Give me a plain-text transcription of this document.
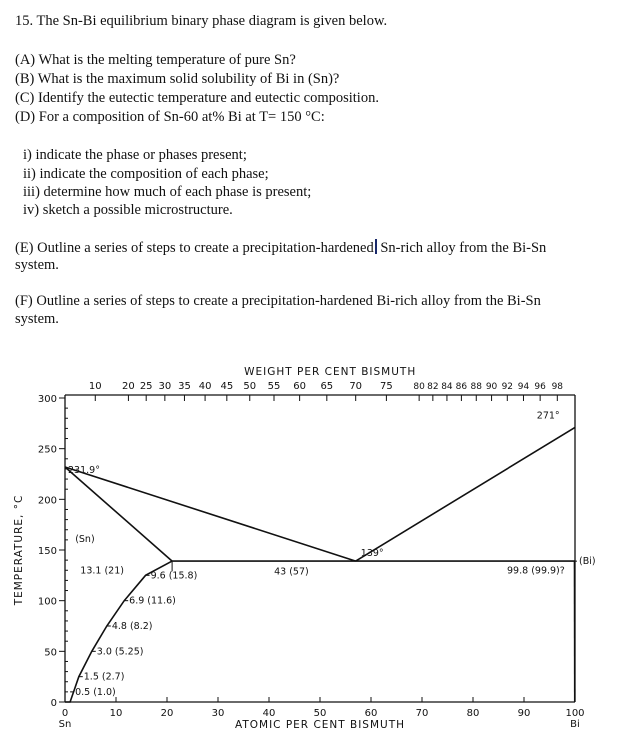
15. The Sn-Bi equilibrium binary phase diagram is given below.
(A) What is the melting temperature of pure Sn?
(B) What is the maximum solid solubility of Bi in (Sn)?
(C) Identify the eutectic temperature and eutectic composition.
(D) For a composition of Sn-60 at% Bi at T= 150 °C:
i) indicate the phase or phases present;
ii) indicate the composition of each phase;
iii) determine how much of each phase is present;
iv) sketch a possible microstructure.
(E) Outline a series of steps to create a precipitation-hardened Sn-rich alloy from the Bi-Sn
system.
(F) Outline a series of steps to create a precipitation-hardened Bi-rich alloy from the Bi-Sn
system.
300
250
200
150
100
50
0
0	10	20	30	40	50	60	70	80	90	100
Sn	Bi
ATOMIC PER CENT BISMUTH
10 20 25 30 35 40 45 50 55 60 65 70 75 80 82 84 86 88 90 92 94 96 98
WEIGHT PER CENT BISMUTH
TEMPERATURE, °C
231.9°
271°
139°
43 (57)
(Sn)
(Bi)
13.1 (21)	99.8 (99.9)?
9.6 (15.8)
6.9 (11.6)
4.8 (8.2)
3.0 (5.25)
1.5 (2.7)
0.5 (1.0)
